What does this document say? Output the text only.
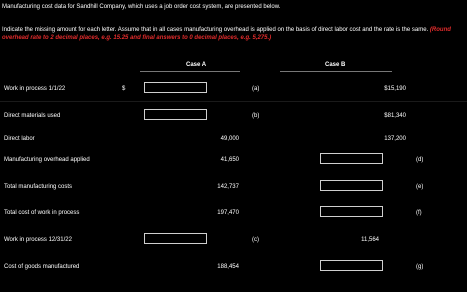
Manufacturing cost data for Sandhill Company, which uses a job order cost system, are presented below.
Indicate the missing amount for each letter. Assume that in all cases manufacturing overhead is applied on the basis of direct labor cost and the rate is the same. (Round overhead rate to 2 decimal places, e.g. 15.25 and final answers to 0 decimal places, e.g. 5,275.)
Case A	Case B
Work in process 1/1/22	$	(a)	$15,190
Direct materials used	(b)	$81,340
Direct labor	49,000	137,200
Manufacturing overhead applied	41,650	(d)
Total manufacturing costs	142,737	(e)
Total cost of work in process	197,470	(f)
Work in process 12/31/22	(c)	11,564
Cost of goods manufactured	188,454	(g)
